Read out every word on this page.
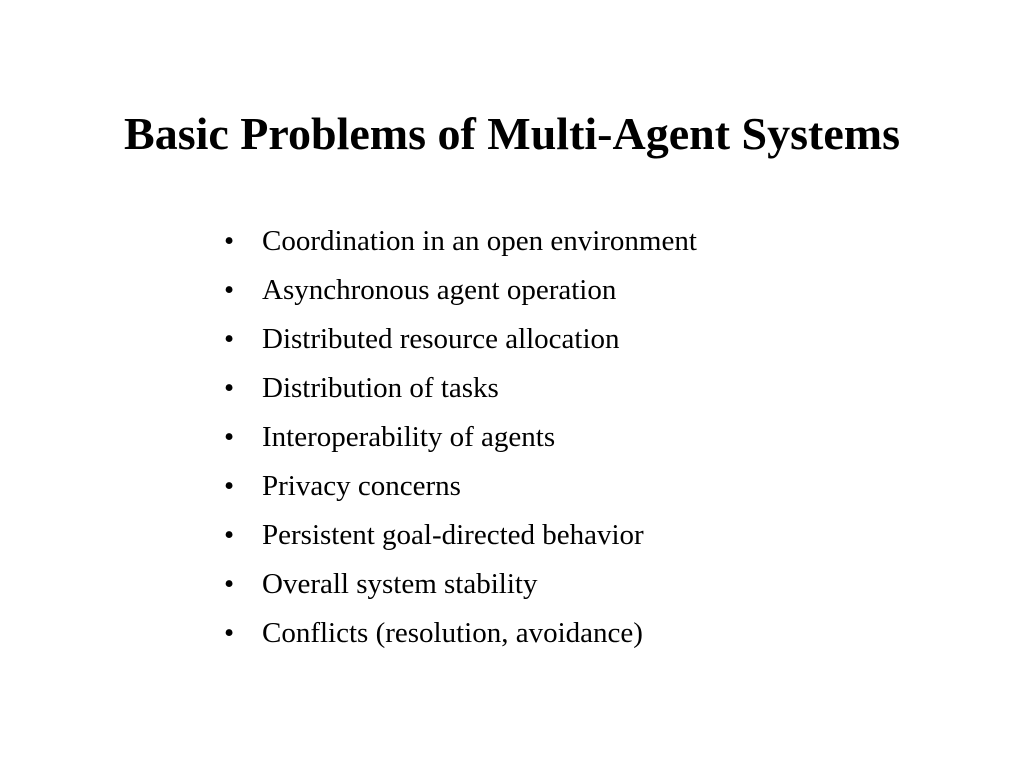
Basic Problems of Multi-Agent Systems
• Coordination in an open environment
• Asynchronous agent operation
• Distributed resource allocation
• Distribution of tasks
• Interoperability of agents
• Privacy concerns
• Persistent goal-directed behavior
• Overall system stability
• Conflicts (resolution, avoidance)
